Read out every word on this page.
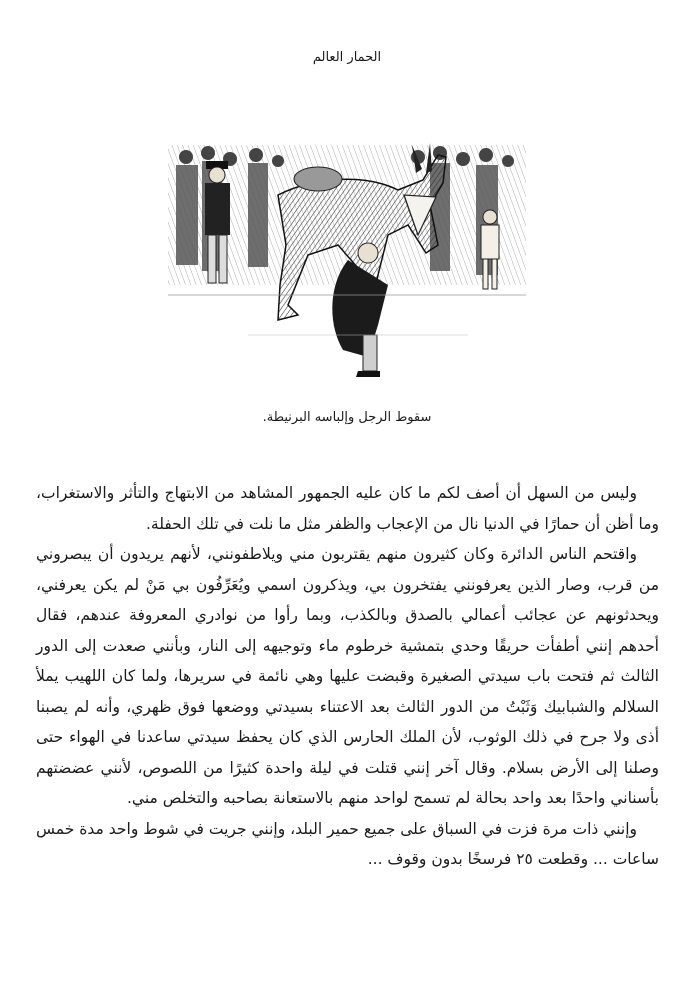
الحمار العالم
سقوط الرجل وإلباسه البرنيطة.

وليس من السهل أن أصف لكم ما كان عليه الجمهور المشاهد من الابتهاج والتأثر والاستغراب، وما أظن أن حمارًا في الدنيا نال من الإعجاب والظفر مثل ما نلت في تلك الحفلة.

واقتحم الناس الدائرة وكان كثيرون منهم يقتربون مني ويلاطفونني، لأنهم يريدون أن يبصروني من قرب، وصار الذين يعرفونني يفتخرون بي، ويذكرون اسمي ويُعَرِّفُون بي مَنْ لم يكن يعرفني، ويحدثونهم عن عجائب أعمالي بالصدق وبالكذب، وبما رأوا من نوادري المعروفة عندهم، فقال أحدهم إنني أطفأت حريقًا وحدي بتمشية خرطوم ماء وتوجيهه إلى النار، وبأنني صعدت إلى الدور الثالث ثم فتحت باب سيدتي الصغيرة وقبضت عليها وهي نائمة في سريرها، ولما كان اللهيب يملأ السلالم والشبابيك وَثَبْتُ من الدور الثالث بعد الاعتناء بسيدتي ووضعها فوق ظهري، وأنه لم يصبنا أذى ولا جرح في ذلك الوثوب، لأن الملك الحارس الذي كان يحفظ سيدتي ساعدنا في الهواء حتى وصلنا إلى الأرض بسلام. وقال آخر إنني قتلت في ليلة واحدة كثيرًا من اللصوص، لأنني عضضتهم بأسناني واحدًا بعد واحد بحالة لم تسمح لواحد منهم بالاستعانة بصاحبه والتخلص مني.

وإنني ذات مرة فزت في السباق على جميع حمير البلد، وإنني جريت في شوط واحد مدة خمس ساعات ... وقطعت ٢٥ فرسخًا بدون وقوف ...
